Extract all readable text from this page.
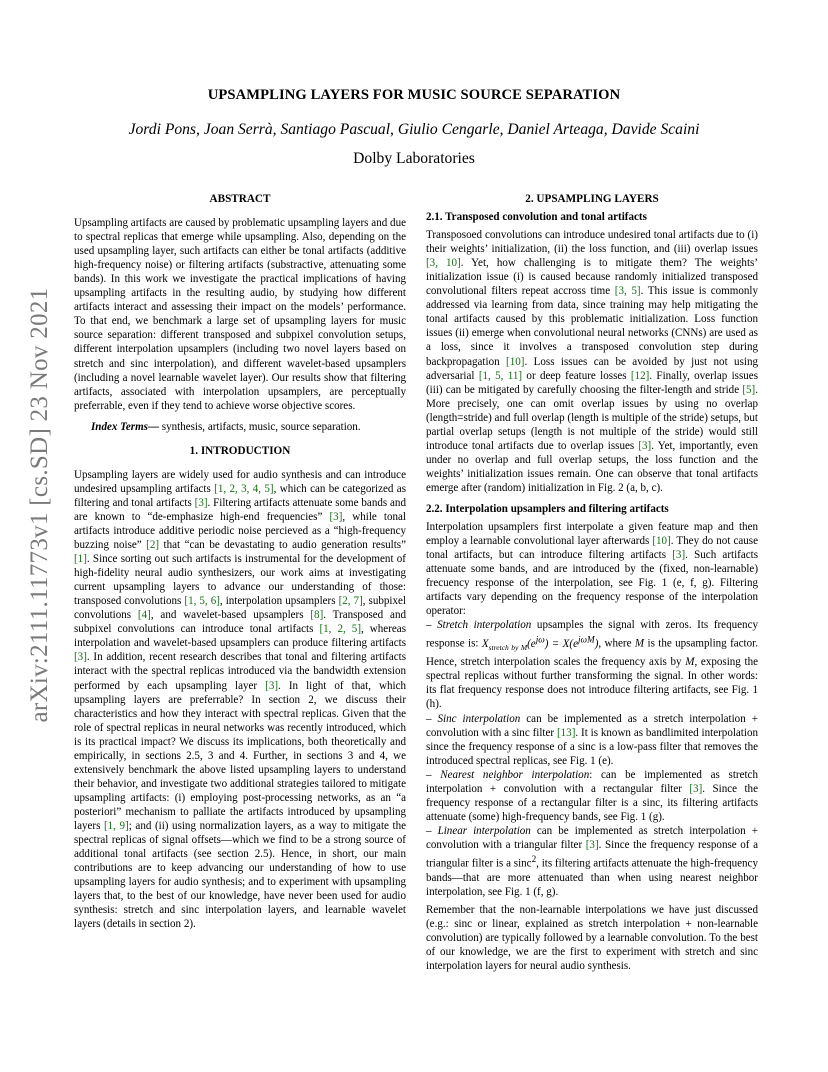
arXiv:2111.11773v1 [cs.SD] 23 Nov 2021
UPSAMPLING LAYERS FOR MUSIC SOURCE SEPARATION
Jordi Pons, Joan Serrà, Santiago Pascual, Giulio Cengarle, Daniel Arteaga, Davide Scaini
Dolby Laboratories

ABSTRACT

Upsampling artifacts are caused by problematic upsampling layers and due to spectral replicas that emerge while upsampling. Also, depending on the used upsampling layer, such artifacts can either be tonal artifacts (additive high-frequency noise) or filtering artifacts (substractive, attenuating some bands). In this work we investigate the practical implications of having upsampling artifacts in the resulting audio, by studying how different artifacts interact and assessing their impact on the models’ performance. To that end, we benchmark a large set of upsampling layers for music source separation: different transposed and subpixel convolution setups, different interpolation upsamplers (including two novel layers based on stretch and sinc interpolation), and different wavelet-based upsamplers (including a novel learnable wavelet layer). Our results show that filtering artifacts, associated with interpolation upsamplers, are perceptually preferrable, even if they tend to achieve worse objective scores.

Index Terms— synthesis, artifacts, music, source separation.

1. INTRODUCTION

Upsampling layers are widely used for audio synthesis and can introduce undesired upsampling artifacts [1, 2, 3, 4, 5], which can be categorized as filtering and tonal artifacts [3]. Filtering artifacts attenuate some bands and are known to “de-emphasize high-end frequencies” [3], while tonal artifacts introduce additive periodic noise percieved as a “high-frequency buzzing noise” [2] that “can be devastating to audio generation results” [1]. Since sorting out such artifacts is instrumental for the development of high-fidelity neural audio synthesizers, our work aims at investigating current upsampling layers to advance our understanding of those: transposed convolutions [1, 5, 6], interpolation upsamplers [2, 7], subpixel convolutions [4], and wavelet-based upsamplers [8]. Transposed and subpixel convolutions can introduce tonal artifacts [1, 2, 5], whereas interpolation and wavelet-based upsamplers can produce filtering artifacts [3]. In addition, recent research describes that tonal and filtering artifacts interact with the spectral replicas introduced via the bandwidth extension performed by each upsampling layer [3]. In light of that, which upsampling layers are preferrable? In section 2, we discuss their characteristics and how they interact with spectral replicas. Given that the role of spectral replicas in neural networks was recently introduced, which is its practical impact? We discuss its implications, both theoretically and empirically, in sections 2.5, 3 and 4. Further, in sections 3 and 4, we extensively benchmark the above listed upsampling layers to understand their behavior, and investigate two additional strategies tailored to mitigate upsampling artifacts: (i) employing post-processing networks, as an “a posteriori” mechanism to palliate the artifacts introduced by upsampling layers [1, 9]; and (ii) using normalization layers, as a way to mitigate the spectral replicas of signal offsets—which we find to be a strong source of additional tonal artifacts (see section 2.5). Hence, in short, our main contributions are to keep advancing our understanding of how to use upsampling layers for audio synthesis; and to experiment with upsampling layers that, to the best of our knowledge, have never been used for audio synthesis: stretch and sinc interpolation layers, and learnable wavelet layers (details in section 2).

2. UPSAMPLING LAYERS

2.1. Transposed convolution and tonal artifacts

Transposoed convolutions can introduce undesired tonal artifacts due to (i) their weights’ initialization, (ii) the loss function, and (iii) overlap issues [3, 10]. Yet, how challenging is to mitigate them? The weights’ initialization issue (i) is caused because randomly initialized transposed convolutional filters repeat accross time [3, 5]. This issue is commonly addressed via learning from data, since training may help mitigating the tonal artifacts caused by this problematic initialization. Loss function issues (ii) emerge when convolutional neural networks (CNNs) are used as a loss, since it involves a transposed convolution step during backpropagation [10]. Loss issues can be avoided by just not using adversarial [1, 5, 11] or deep feature losses [12]. Finally, overlap issues (iii) can be mitigated by carefully choosing the filter-length and stride [5]. More precisely, one can omit overlap issues by using no overlap (length=stride) and full overlap (length is multiple of the stride) setups, but partial overlap setups (length is not multiple of the stride) would still introduce tonal artifacts due to overlap issues [3]. Yet, importantly, even under no overlap and full overlap setups, the loss function and the weights’ initialization issues remain. One can observe that tonal artifacts emerge after (random) initialization in Fig. 2 (a, b, c).

2.2. Interpolation upsamplers and filtering artifacts

Interpolation upsamplers first interpolate a given feature map and then employ a learnable convolutional layer afterwards [10]. They do not cause tonal artifacts, but can introduce filtering artifacts [3]. Such artifacts attenuate some bands, and are introduced by the (fixed, non-learnable) frecuency response of the interpolation, see Fig. 1 (e, f, g). Filtering artifacts vary depending on the frequency response of the interpolation operator:

– Stretch interpolation upsamples the signal with zeros. Its frequency response is: $X_{stretch by M}(e^{j\omega}) = X(e^{j\omega M})$, where M is the upsampling factor. Hence, stretch interpolation scales the frequency axis by M, exposing the spectral replicas without further transforming the signal. In other words: its flat frequency response does not introduce filtering artifacts, see Fig. 1 (h).

– Sinc interpolation can be implemented as a stretch interpolation + convolution with a sinc filter [13]. It is known as bandlimited interpolation since the frequency response of a sinc is a low-pass filter that removes the introduced spectral replicas, see Fig. 1 (e).

– Nearest neighbor interpolation: can be implemented as stretch interpolation + convolution with a rectangular filter [3]. Since the frequency response of a rectangular filter is a sinc, its filtering artifacts attenuate (some) high-frequency bands, see Fig. 1 (g).

– Linear interpolation can be implemented as stretch interpolation + convolution with a triangular filter [3]. Since the frequency response of a triangular filter is a sinc$^2$, its filtering artifacts attenuate the high-frequency bands—that are more attenuated than when using nearest neighbor interpolation, see Fig. 1 (f, g).

Remember that the non-learnable interpolations we have just discussed (e.g.: sinc or linear, explained as stretch interpolation + non-learnable convolution) are typically followed by a learnable convolution. To the best of our knowledge, we are the first to experiment with stretch and sinc interpolation layers for neural audio synthesis.
